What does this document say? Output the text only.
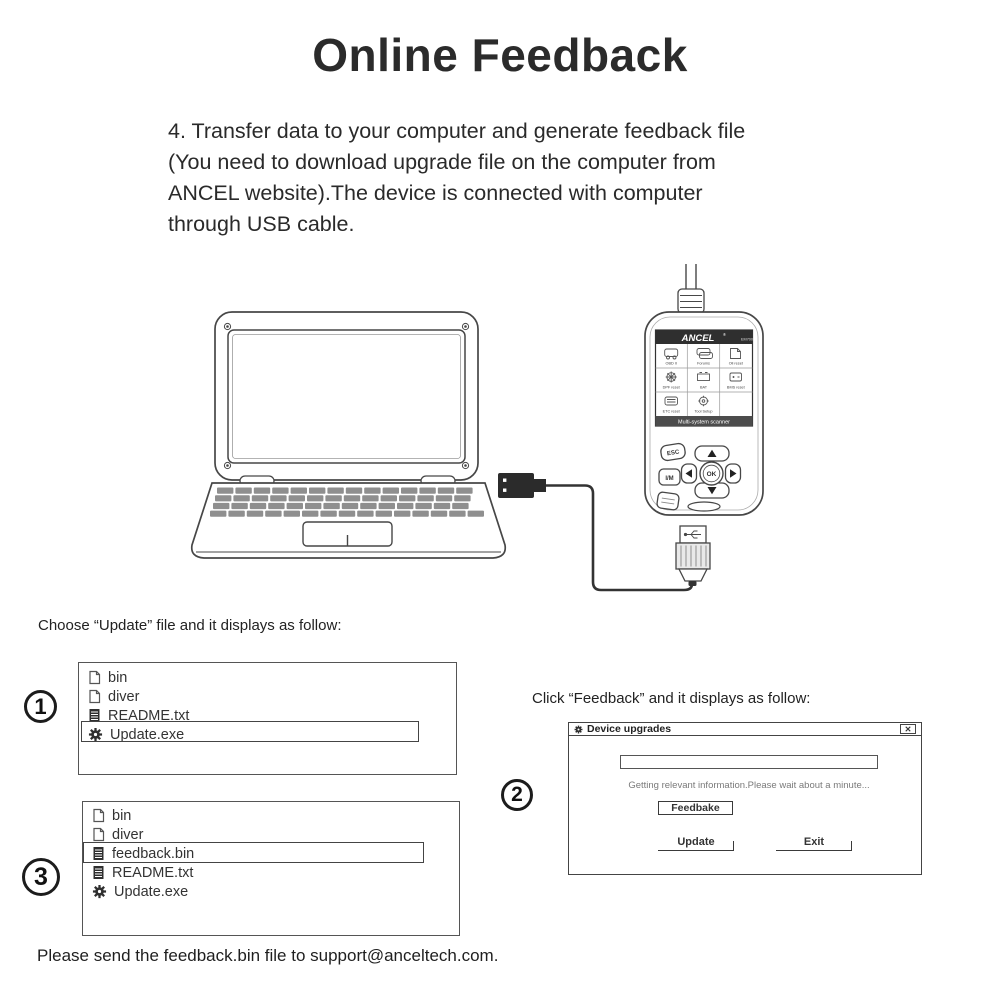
Online Feedback
4. Transfer data to your computer and generate feedback file
(You need to download upgrade file on the computer from
ANCEL website).The device is connected with computer
through USB cable.
ANCEL ®
EM700
OBD II	Forums	Oil reset
DPF reset	BAT	BMS reset
ETC reset	Tool Setup
Multi-system scanner
ESC
I/M
OK
Choose “Update” file and it displays as follow:
Click “Feedback” and it displays as follow:
1
2
3
bin
diver
README.txt
Update.exe
bin
diver
feedback.bin
README.txt
Update.exe
Device upgrades
Getting relevant information.Please wait about a minute...
Feedbake
Update	Exit
Please send the feedback.bin file to support@anceltech.com.
